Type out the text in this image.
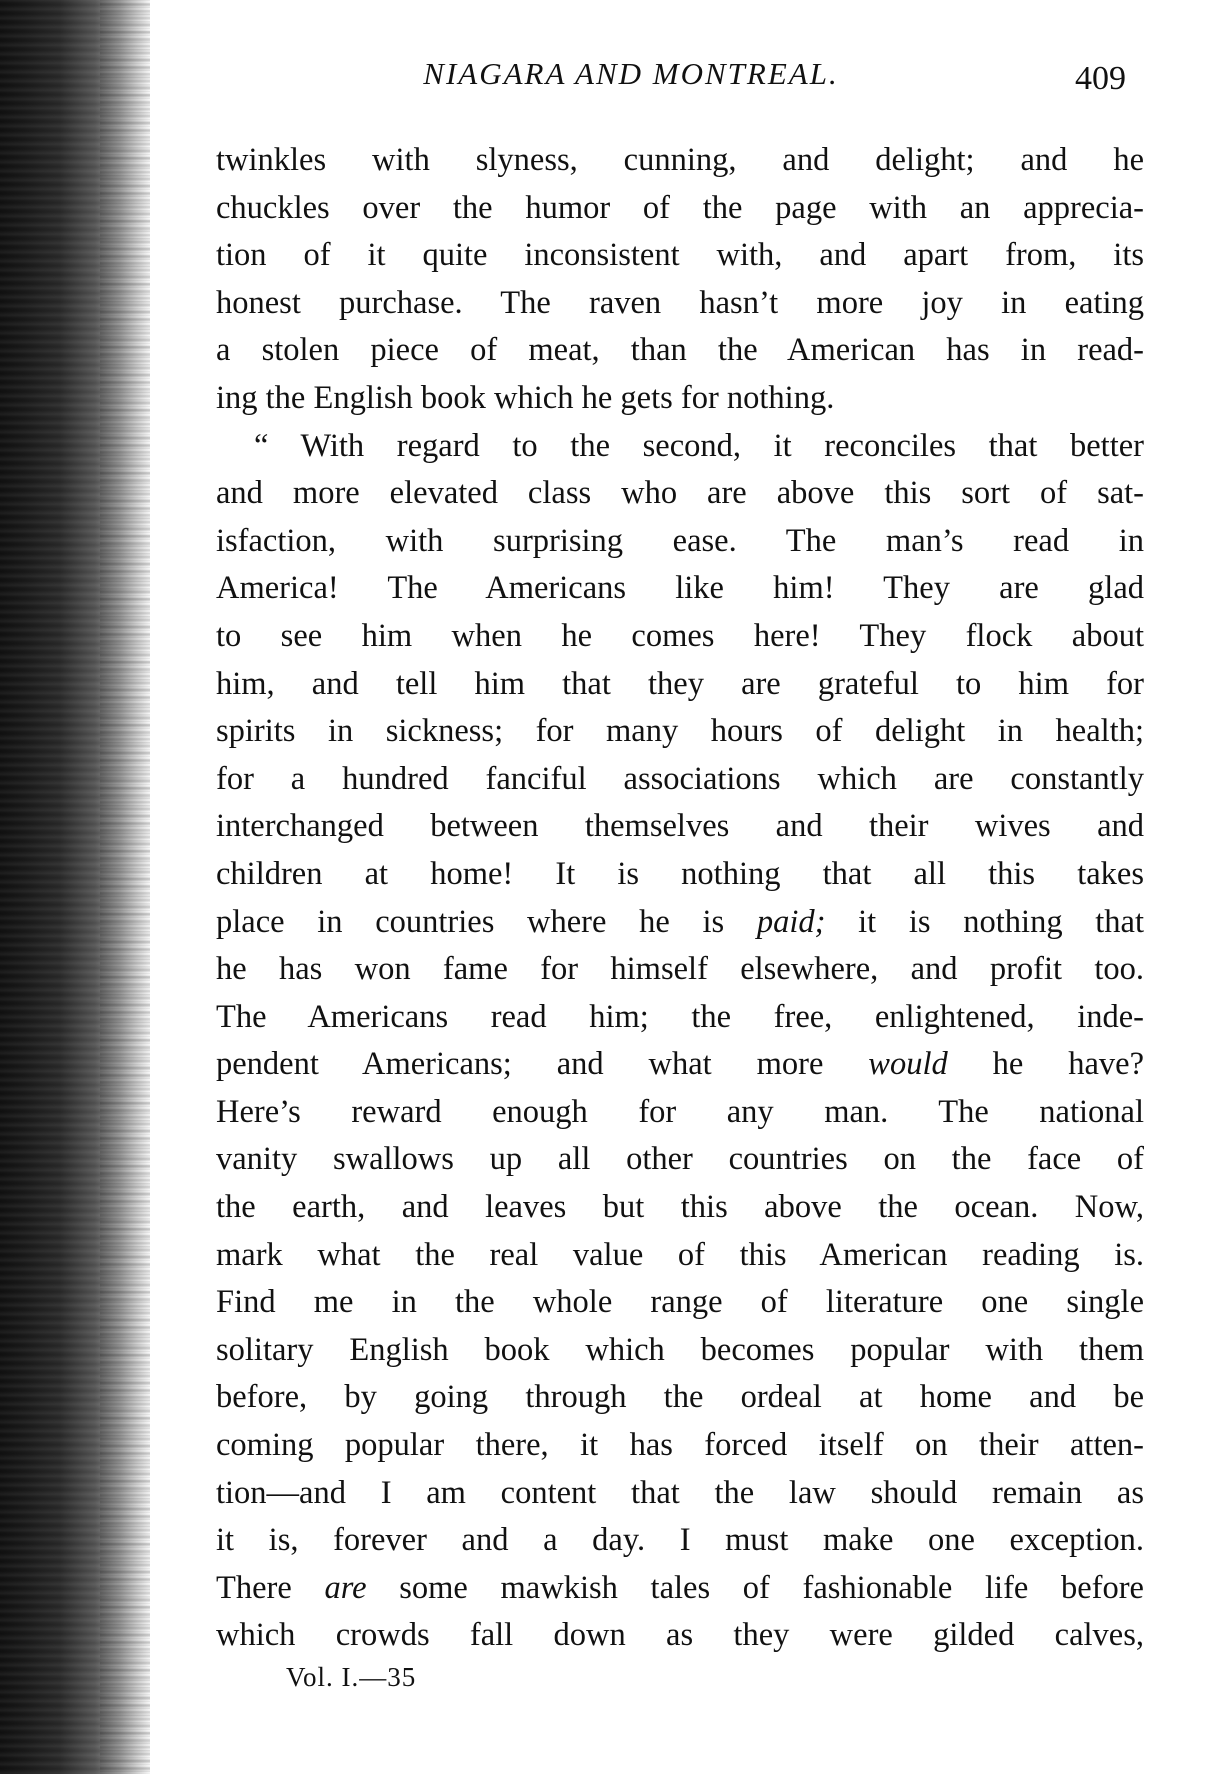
NIAGARA AND MONTREAL.	409
twinkles with slyness, cunning, and delight; and he
chuckles over the humor of the page with an apprecia-
tion of it quite inconsistent with, and apart from, its
honest purchase. The raven hasn’t more joy in eating
a stolen piece of meat, than the American has in read-
ing the English book which he gets for nothing.
“ With regard to the second, it reconciles that better
and more elevated class who are above this sort of sat-
isfaction, with surprising ease. The man’s read in
America! The Americans like him! They are glad
to see him when he comes here! They flock about
him, and tell him that they are grateful to him for
spirits in sickness; for many hours of delight in health;
for a hundred fanciful associations which are constantly
interchanged between themselves and their wives and
children at home! It is nothing that all this takes
place in countries where he is paid; it is nothing that
he has won fame for himself elsewhere, and profit too.
The Americans read him; the free, enlightened, inde-
pendent Americans; and what more would he have?
Here’s reward enough for any man. The national
vanity swallows up all other countries on the face of
the earth, and leaves but this above the ocean. Now,
mark what the real value of this American reading is.
Find me in the whole range of literature one single
solitary English book which becomes popular with them
before, by going through the ordeal at home and be
coming popular there, it has forced itself on their atten-
tion—and I am content that the law should remain as
it is, forever and a day. I must make one exception.
There are some mawkish tales of fashionable life before
which crowds fall down as they were gilded calves,
Vol. I.—35
